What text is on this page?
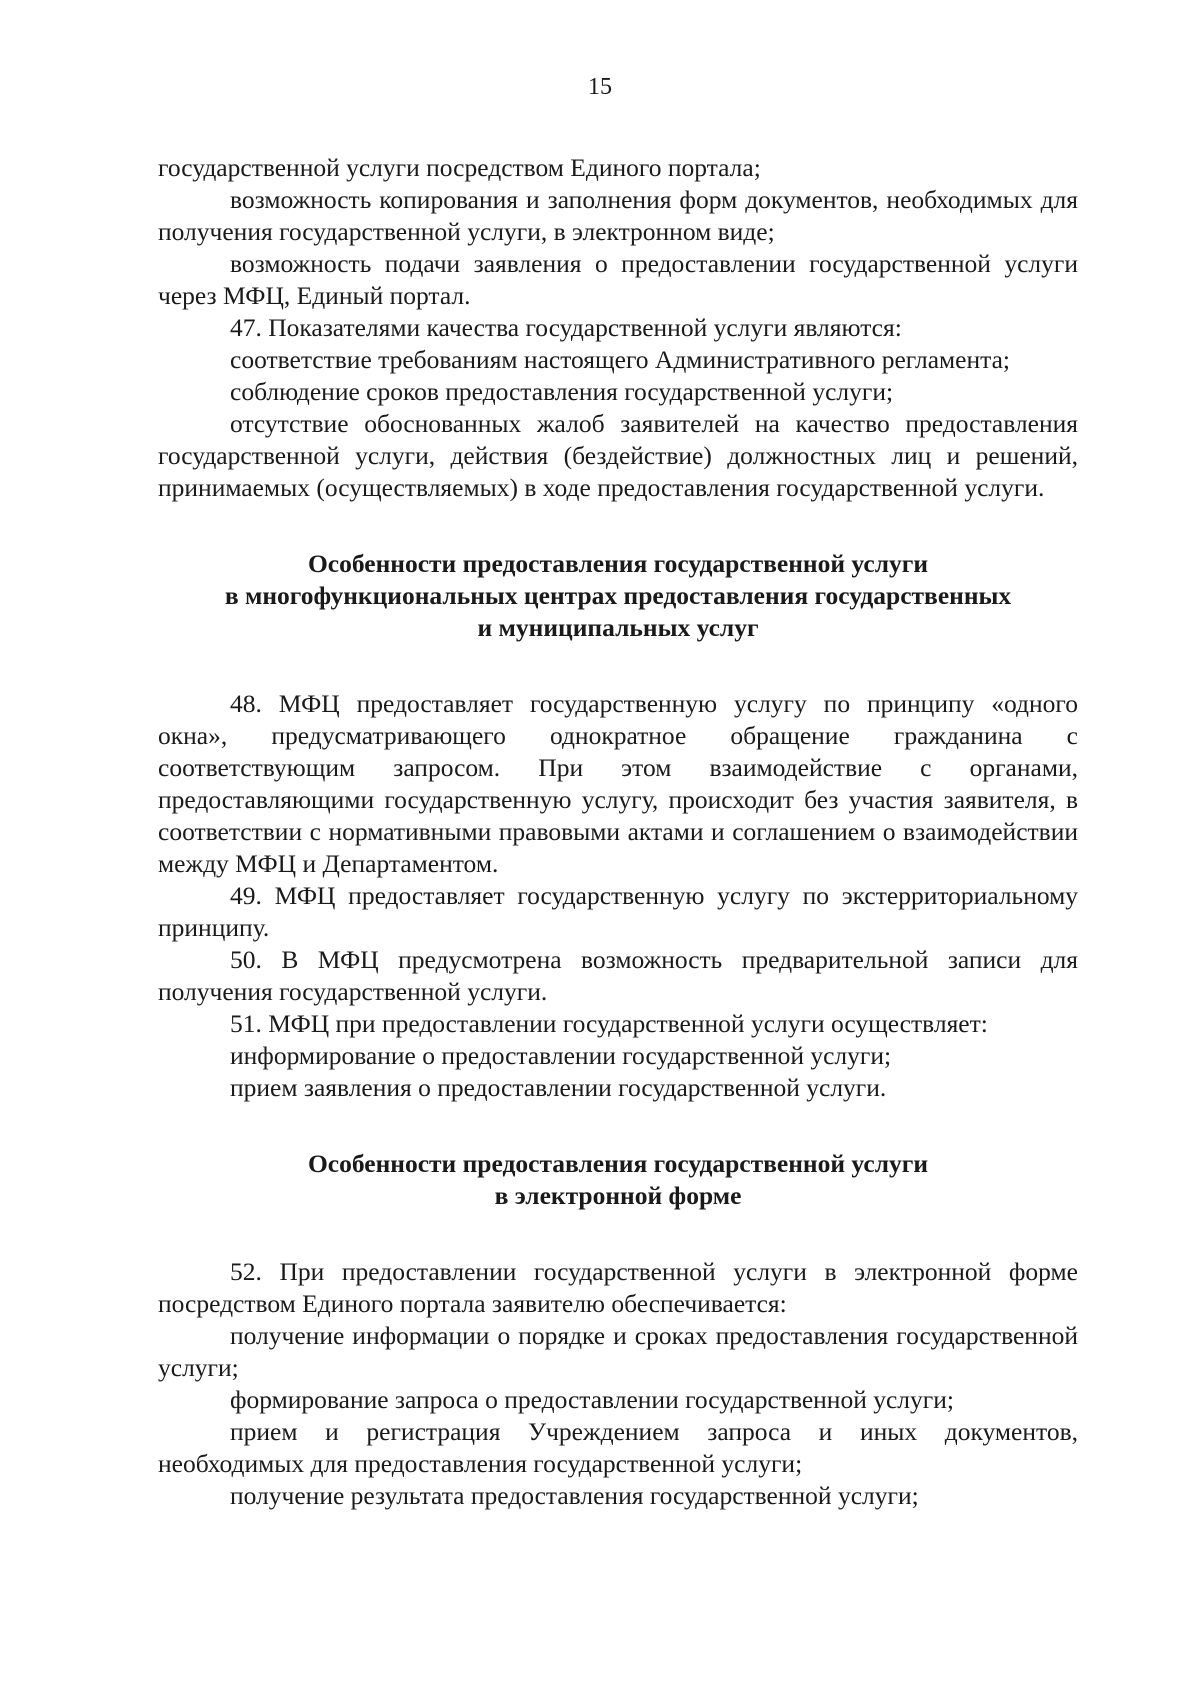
15

государственной услуги посредством Единого портала;

возможность копирования и заполнения форм документов, необходимых для получения государственной услуги, в электронном виде;

возможность подачи заявления о предоставлении государственной услуги через МФЦ, Единый портал.

47. Показателями качества государственной услуги являются:

соответствие требованиям настоящего Административного регламента;

соблюдение сроков предоставления государственной услуги;

отсутствие обоснованных жалоб заявителей на качество предоставления государственной услуги, действия (бездействие) должностных лиц и решений, принимаемых (осуществляемых) в ходе предоставления государственной услуги.

Особенности предоставления государственной услуги
в многофункциональных центрах предоставления государственных
и муниципальных услуг

48. МФЦ предоставляет государственную услугу по принципу «одного окна», предусматривающего однократное обращение гражданина с соответствующим запросом. При этом взаимодействие с органами, предоставляющими государственную услугу, происходит без участия заявителя, в соответствии с нормативными правовыми актами и соглашением о взаимодействии между МФЦ и Департаментом.

49. МФЦ предоставляет государственную услугу по экстерриториальному принципу.

50. В МФЦ предусмотрена возможность предварительной записи для получения государственной услуги.

51. МФЦ при предоставлении государственной услуги осуществляет:

информирование о предоставлении государственной услуги;

прием заявления о предоставлении государственной услуги.

Особенности предоставления государственной услуги
в электронной форме

52. При предоставлении государственной услуги в электронной форме посредством Единого портала заявителю обеспечивается:

получение информации о порядке и сроках предоставления государственной услуги;

формирование запроса о предоставлении государственной услуги;

прием и регистрация Учреждением запроса и иных документов, необходимых для предоставления государственной услуги;

получение результата предоставления государственной услуги;
